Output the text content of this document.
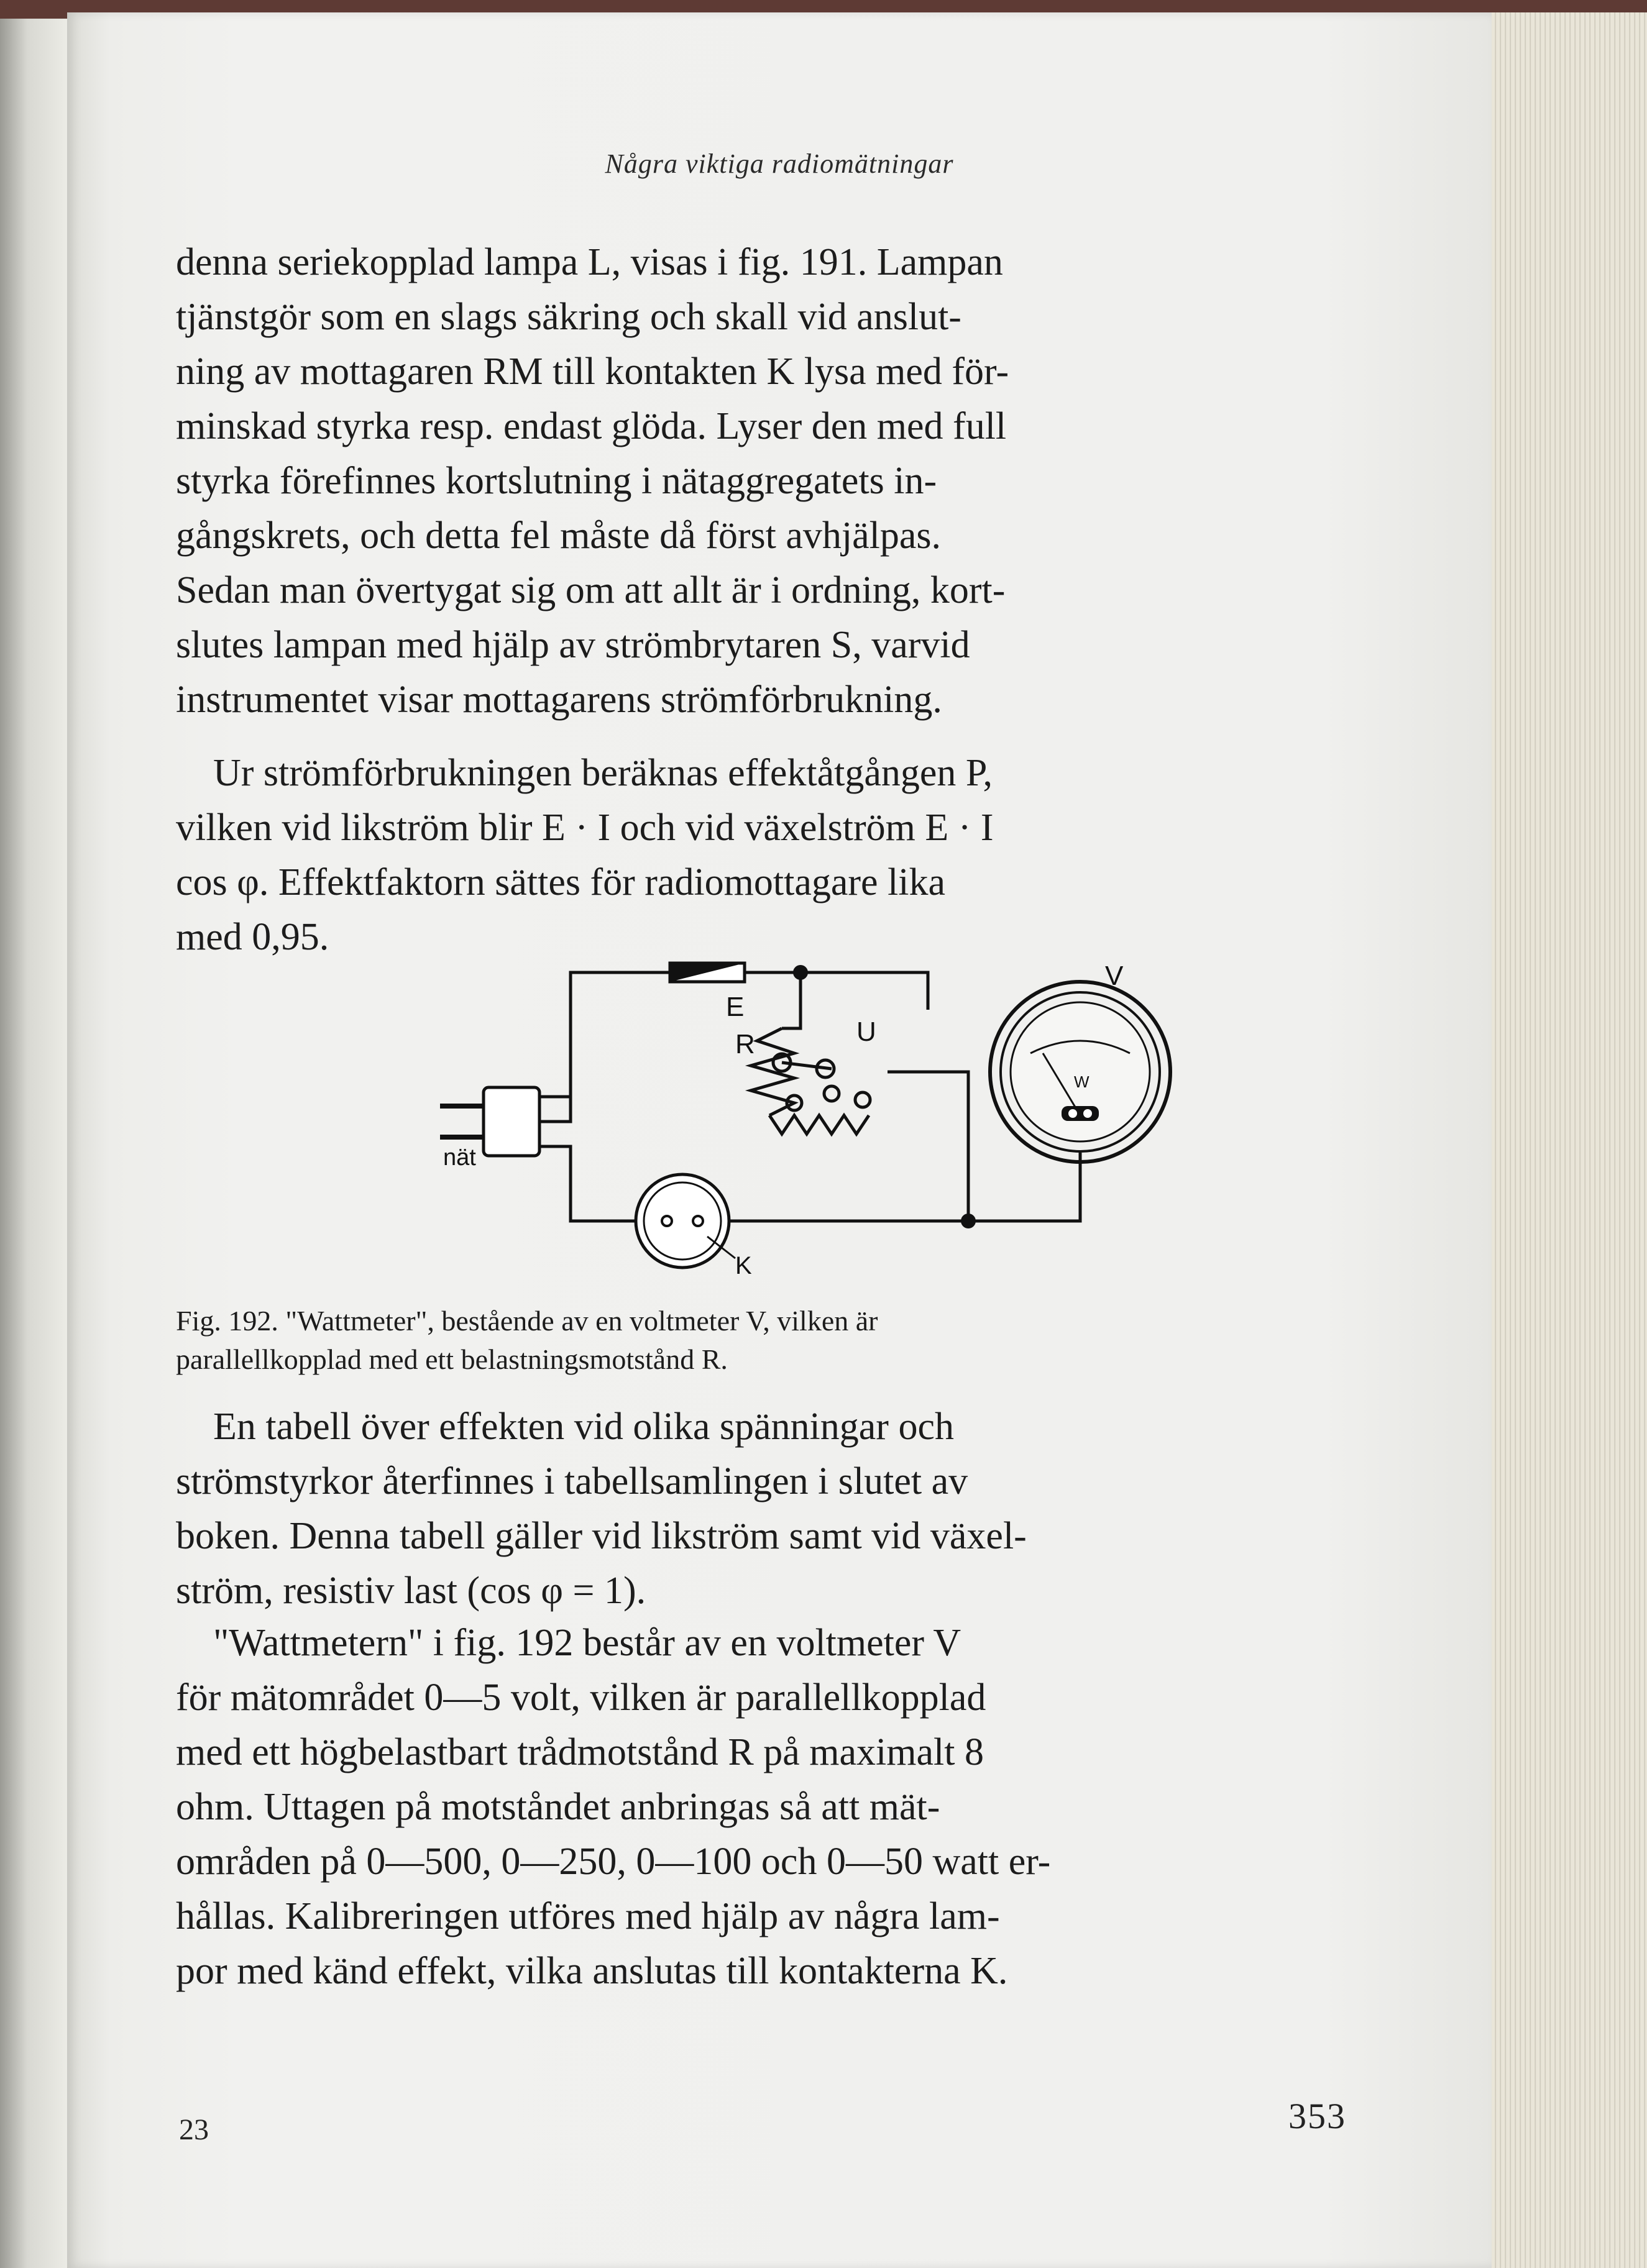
Några viktiga radiomätningar
denna seriekopplad lampa L, visas i fig. 191. Lampan
tjänstgör som en slags säkring och skall vid anslut-
ning av mottagaren RM till kontakten K lysa med för-
minskad styrka resp. endast glöda. Lyser den med full
styrka förefinnes kortslutning i nätaggregatets in-
gångskrets, och detta fel måste då först avhjälpas.
Sedan man övertygat sig om att allt är i ordning, kort-
slutes lampan med hjälp av strömbrytaren S, varvid
instrumentet visar mottagarens strömförbrukning.
Ur strömförbrukningen beräknas effektåtgången P,
vilken vid likström blir E · I och vid växelström E · I
cos φ. Effektfaktorn sättes för radiomottagare lika
med 0,95.
E
V
R	U
K
nät
W
Fig. 192. "Wattmeter", bestående av en voltmeter V, vilken är
parallellkopplad med ett belastningsmotstånd R.
En tabell över effekten vid olika spänningar och
strömstyrkor återfinnes i tabellsamlingen i slutet av
boken. Denna tabell gäller vid likström samt vid växel-
ström, resistiv last (cos φ = 1).
"Wattmetern" i fig. 192 består av en voltmeter V
för mätområdet 0—5 volt, vilken är parallellkopplad
med ett högbelastbart trådmotstånd R på maximalt 8
ohm. Uttagen på motståndet anbringas så att mät-
områden på 0—500, 0—250, 0—100 och 0—50 watt er-
hållas. Kalibreringen utföres med hjälp av några lam-
por med känd effekt, vilka anslutas till kontakterna K.
23	353
